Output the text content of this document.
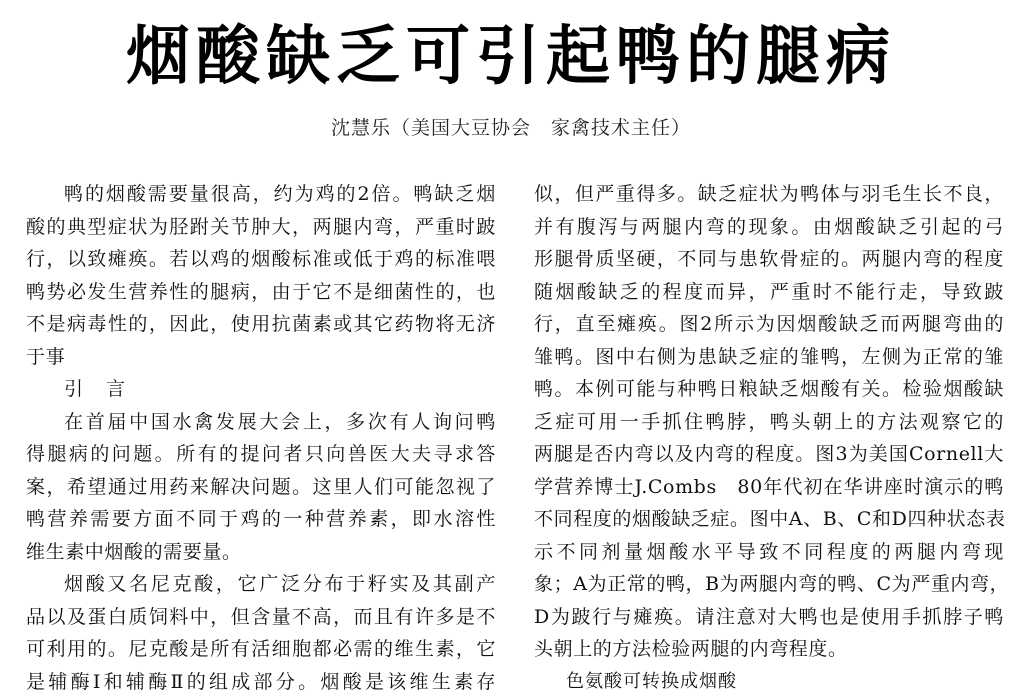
烟酸缺乏可引起鸭的腿病
沈慧乐（美国大豆协会　家禽技术主任）
鸭的烟酸需要量很高，约为鸡的2倍。鸭缺乏烟
酸的典型症状为胫跗关节肿大，两腿内弯，严重时跛
行，以致瘫痪。若以鸡的烟酸标准或低于鸡的标准喂
鸭势必发生营养性的腿病，由于它不是细菌性的，也
不是病毒性的，因此，使用抗菌素或其它药物将无济
于事
引　言
在首届中国水禽发展大会上，多次有人询问鸭
得腿病的问题。所有的提问者只向兽医大夫寻求答
案，希望通过用药来解决问题。这里人们可能忽视了
鸭营养需要方面不同于鸡的一种营养素，即水溶性
维生素中烟酸的需要量。
烟酸又名尼克酸，它广泛分布于籽实及其副产
品以及蛋白质饲料中，但含量不高，而且有许多是不
可利用的。尼克酸是所有活细胞都必需的维生素，它
是辅酶Ⅰ和辅酶Ⅱ的组成部分。烟酸是该维生素存
似，但严重得多。缺乏症状为鸭体与羽毛生长不良，
并有腹泻与两腿内弯的现象。由烟酸缺乏引起的弓
形腿骨质坚硬，不同与患软骨症的。两腿内弯的程度
随烟酸缺乏的程度而异，严重时不能行走，导致跛
行，直至瘫痪。图2所示为因烟酸缺乏而两腿弯曲的
雏鸭。图中右侧为患缺乏症的雏鸭，左侧为正常的雏
鸭。本例可能与种鸭日粮缺乏烟酸有关。检验烟酸缺
乏症可用一手抓住鸭脖，鸭头朝上的方法观察它的
两腿是否内弯以及内弯的程度。图3为美国Cornell大
学营养博士J.Combs　80年代初在华讲座时演示的鸭
不同程度的烟酸缺乏症。图中A、B、C和D四种状态表
示不同剂量烟酸水平导致不同程度的两腿内弯现
象；A为正常的鸭，B为两腿内弯的鸭、C为严重内弯，
D为跛行与瘫痪。请注意对大鸭也是使用手抓脖子鸭
头朝上的方法检验两腿的内弯程度。
色氨酸可转换成烟酸
